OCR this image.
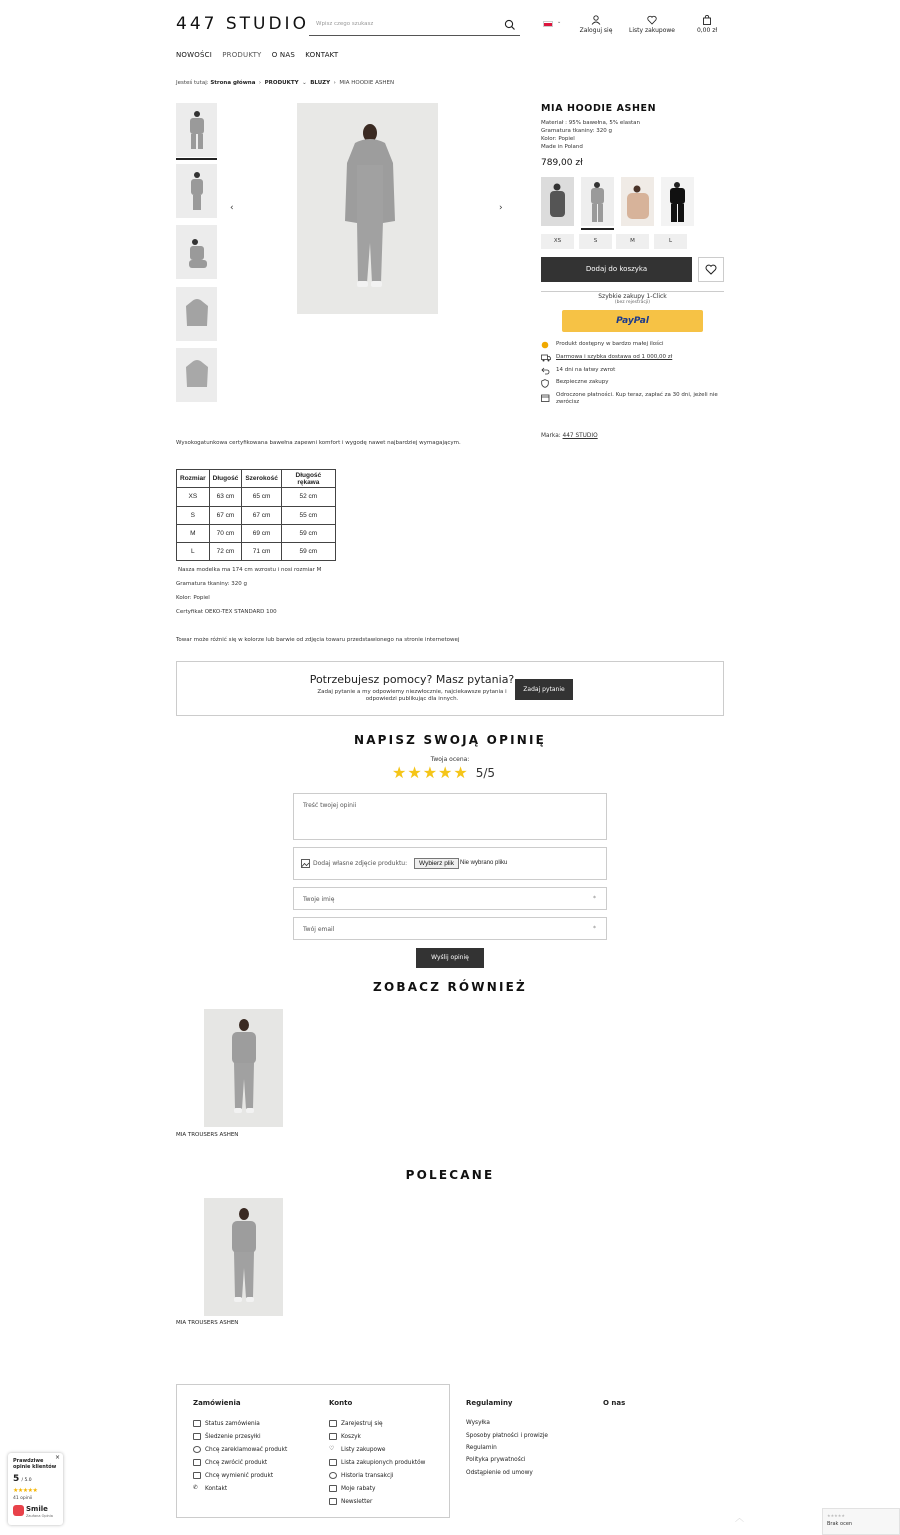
447 STUDIO Wpisz czego szukasz	⌄
Zaloguj się	Listy zakupowe	0,00 zł
NOWOŚCI PRODUKTY O NAS KONTAKT
Jesteś tutaj: Strona główna  ›  PRODUKTY  ⌄  BLUZY  ›  MIA HOODIE ASHEN
‹	›
MIA HOODIE ASHEN
Materiał : 95% bawełna, 5% elastan
Gramatura tkaniny: 320 g
Kolor: Popiel
Made in Poland
789,00 zł
XS	S	M	L
Dodaj do koszyka
Szybkie zakupy 1-Click
(bez rejestracji)
PayPal
Produkt dostępny w bardzo małej ilości
Darmowa i szybka dostawa od 1 000,00 zł
14 dni na łatwy zwrot
Bezpieczne zakupy
Odroczone płatności. Kup teraz, zapłać za 30 dni, jeżeli nie zwrócisz
Marka: 447 STUDIO
Wysokogatunkowa certyfikowana bawełna zapewni komfort i wygodę nawet najbardziej wymagającym.
Rozmiar	Długość	Szerokość	Długość rękawa
XS	63 cm	65 cm	52 cm
S	67 cm	67 cm	55 cm
M	70 cm	69 cm	59 cm
L	72 cm	71 cm	59 cm
Naszа modelka ma 174 cm wzrostu i nosi rozmiar M
Gramatura tkaniny: 320 g
Kolor: Popiel
Certyfikat OEKO-TEX STANDARD 100
Towar może różnić się w kolorze lub barwie od zdjęcia towaru przedstawionego na stronie internetowej
Potrzebujesz pomocy? Masz pytania?
Zadaj pytanie a my odpowiemy niezwłocznie, najciekawsze pytania i
odpowiedzi publikując dla innych.
Zadaj pytanie
NAPISZ SWOJĄ OPINIĘ
Twoja ocena:
★ ★ ★ ★ ★ 5/5
Treść twojej opinii
Dodaj własne zdjęcie produktu:	Wybierz plik	Nie wybrano pliku
Twoje imię	*
Twój email	*
Wyślij opinię
ZOBACZ RÓWNIEŻ
MIA TROUSERS ASHEN
POLECANE
MIA TROUSERS ASHEN
Zamówienia
Status zamówienia
Śledzenie przesyłki
Chcę zareklamować produkt
Chcę zwrócić produkt
Chcę wymienić produkt
✆	Kontakt
Konto
Zarejestruj się
Koszyk
♡	Listy zakupowe
Lista zakupionych produktów
Historia transakcji
Moje rabaty
Newsletter
Regulaminy
Wysyłka
Sposoby płatności i prowizje
Regulamin
Polityka prywatności
Odstąpienie od umowy
O nas
︿
Prawdziwe
opinie klientów
×
5 / 5.0
★★★★★
41 opinii
Smile
Zaufana Opinia	★★★★★
Brak ocen
